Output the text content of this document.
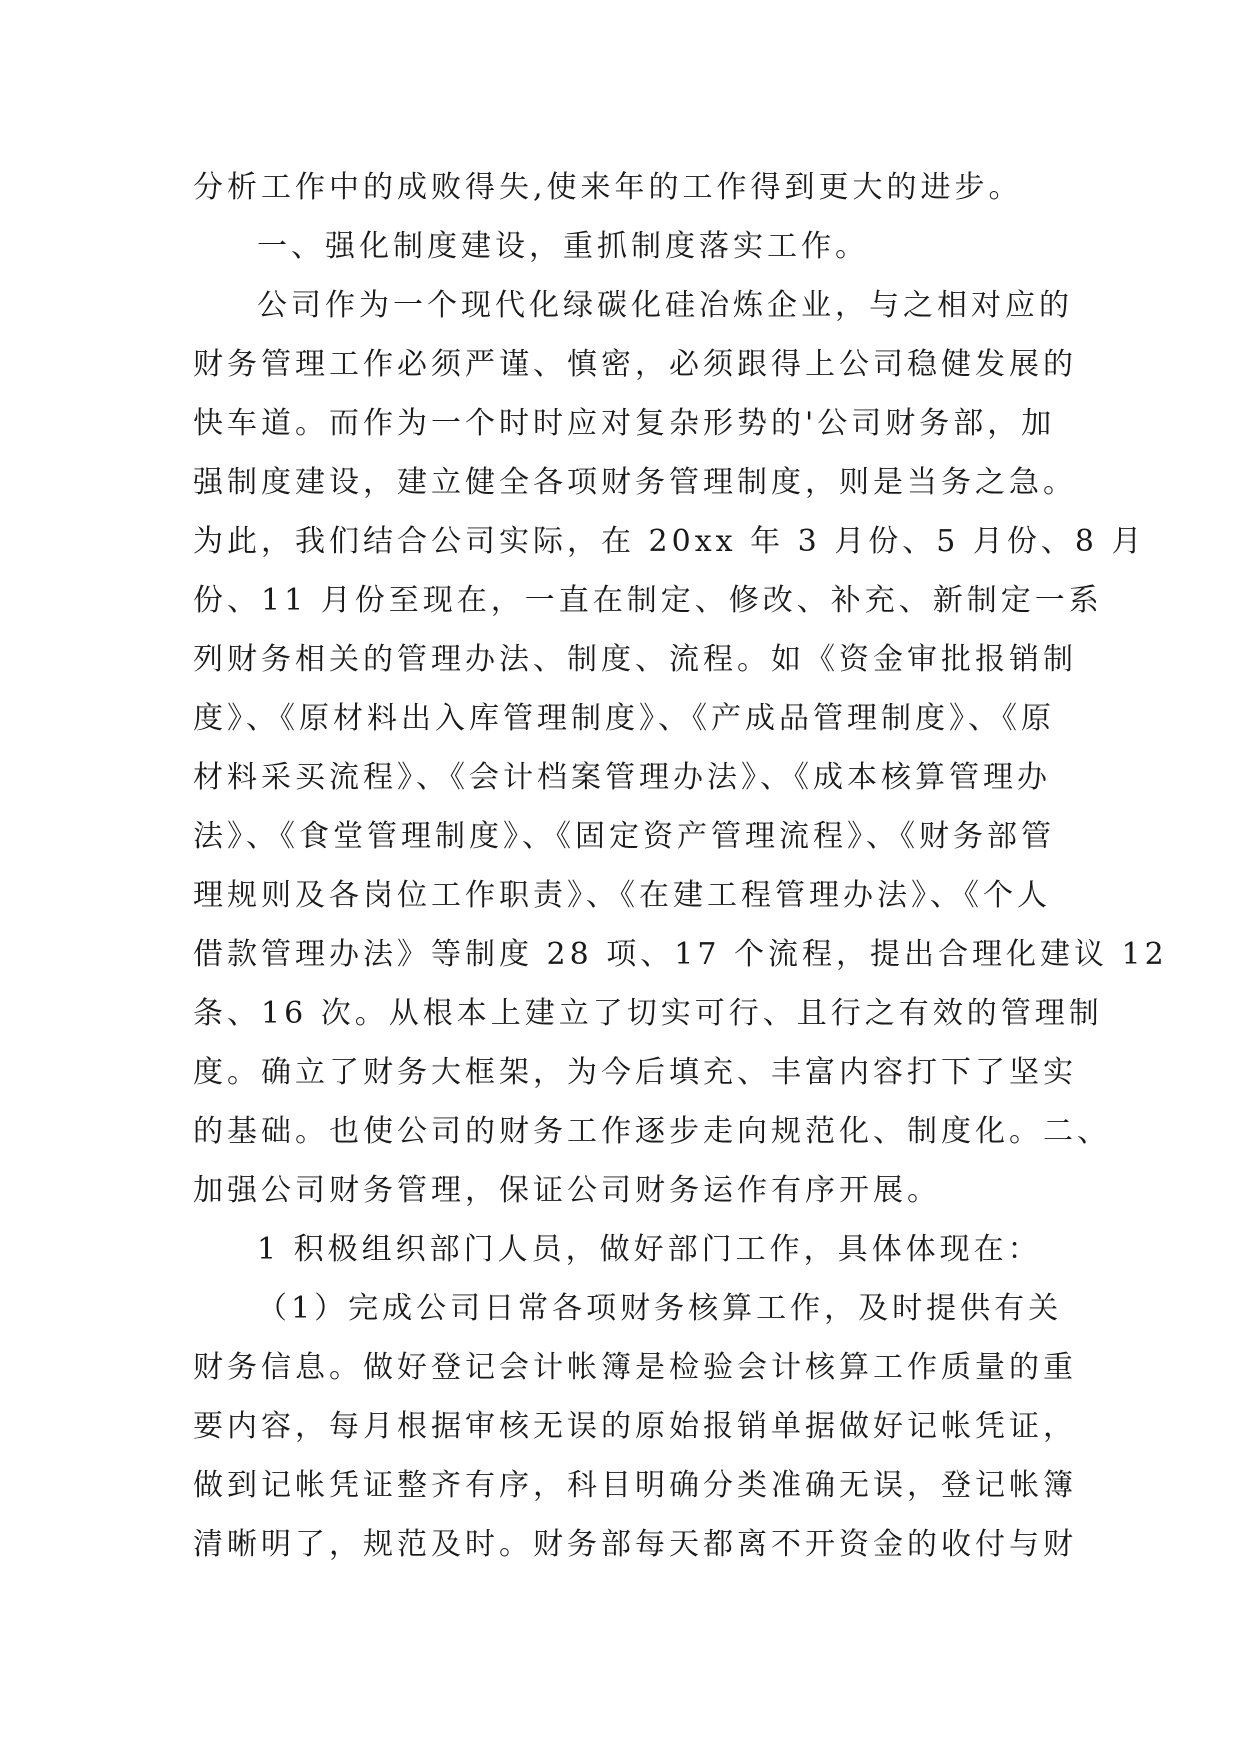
分析工作中的成败得失,使来年的工作得到更大的进步。
一、强化制度建设，重抓制度落实工作。
公司作为一个现代化绿碳化硅冶炼企业，与之相对应的
财务管理工作必须严谨、慎密，必须跟得上公司稳健发展的
快车道。而作为一个时时应对复杂形势的'公司财务部，加
强制度建设，建立健全各项财务管理制度，则是当务之急。
为此，我们结合公司实际，在 20xx 年 3 月份、5 月份、8 月
份、11 月份至现在，一直在制定、修改、补充、新制定一系
列财务相关的管理办法、制度、流程。如《资金审批报销制
度》、《原材料出入库管理制度》、《产成品管理制度》、《原
材料采买流程》、《会计档案管理办法》、《成本核算管理办
法》、《食堂管理制度》、《固定资产管理流程》、《财务部管
理规则及各岗位工作职责》、《在建工程管理办法》、《个人
借款管理办法》等制度 28 项、17 个流程，提出合理化建议 12
条、16 次。从根本上建立了切实可行、且行之有效的管理制
度。确立了财务大框架，为今后填充、丰富内容打下了坚实
的基础。也使公司的财务工作逐步走向规范化、制度化。二、
加强公司财务管理，保证公司财务运作有序开展。
1 积极组织部门人员，做好部门工作，具体体现在：
（1）完成公司日常各项财务核算工作，及时提供有关
财务信息。做好登记会计帐簿是检验会计核算工作质量的重
要内容，每月根据审核无误的原始报销单据做好记帐凭证，
做到记帐凭证整齐有序，科目明确分类准确无误，登记帐簿
清晰明了，规范及时。财务部每天都离不开资金的收付与财
